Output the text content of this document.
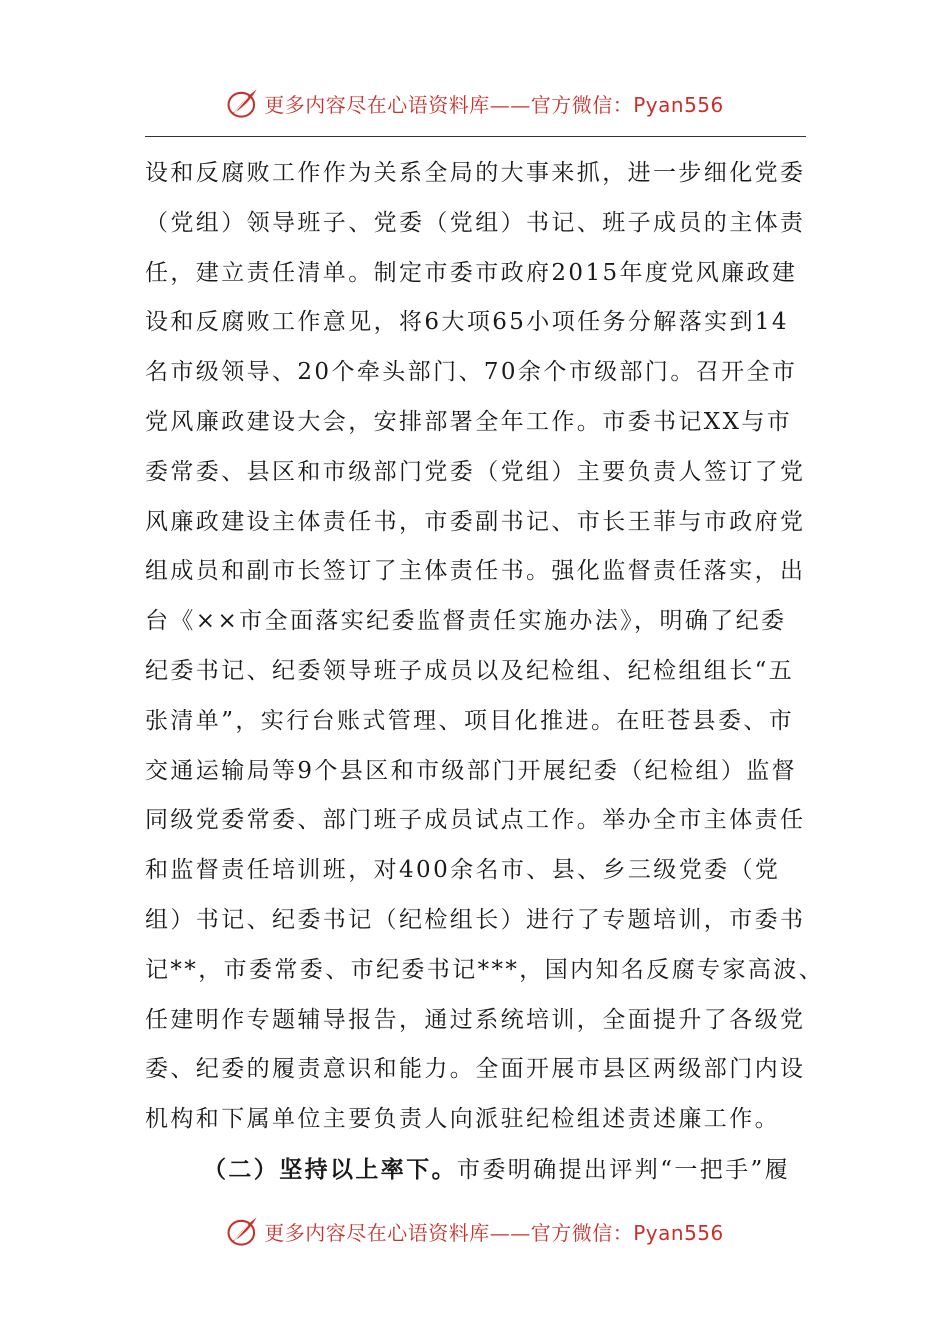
更多内容尽在心语资料库——官方微信：Pyan556
设和反腐败工作作为关系全局的大事来抓，进一步细化党委
（党组）领导班子、党委（党组）书记、班子成员的主体责
任，建立责任清单。制定市委市政府2015年度党风廉政建
设和反腐败工作意见，将6大项65小项任务分解落实到14
名市级领导、20个牵头部门、70余个市级部门。召开全市
党风廉政建设大会，安排部署全年工作。市委书记XX与市
委常委、县区和市级部门党委（党组）主要负责人签订了党
风廉政建设主体责任书，市委副书记、市长王菲与市政府党
组成员和副市长签订了主体责任书。强化监督责任落实，出
台《××市全面落实纪委监督责任实施办法》，明确了纪委
纪委书记、纪委领导班子成员以及纪检组、纪检组组长“五
张清单”，实行台账式管理、项目化推进。在旺苍县委、市
交通运输局等9个县区和市级部门开展纪委（纪检组）监督
同级党委常委、部门班子成员试点工作。举办全市主体责任
和监督责任培训班，对400余名市、县、乡三级党委（党
组）书记、纪委书记（纪检组长）进行了专题培训，市委书
记**，市委常委、市纪委书记***，国内知名反腐专家高波、
任建明作专题辅导报告，通过系统培训，全面提升了各级党
委、纪委的履责意识和能力。全面开展市县区两级部门内设
机构和下属单位主要负责人向派驻纪检组述责述廉工作。
（二）坚持以上率下。市委明确提出评判“一把手”履
更多内容尽在心语资料库——官方微信：Pyan556
